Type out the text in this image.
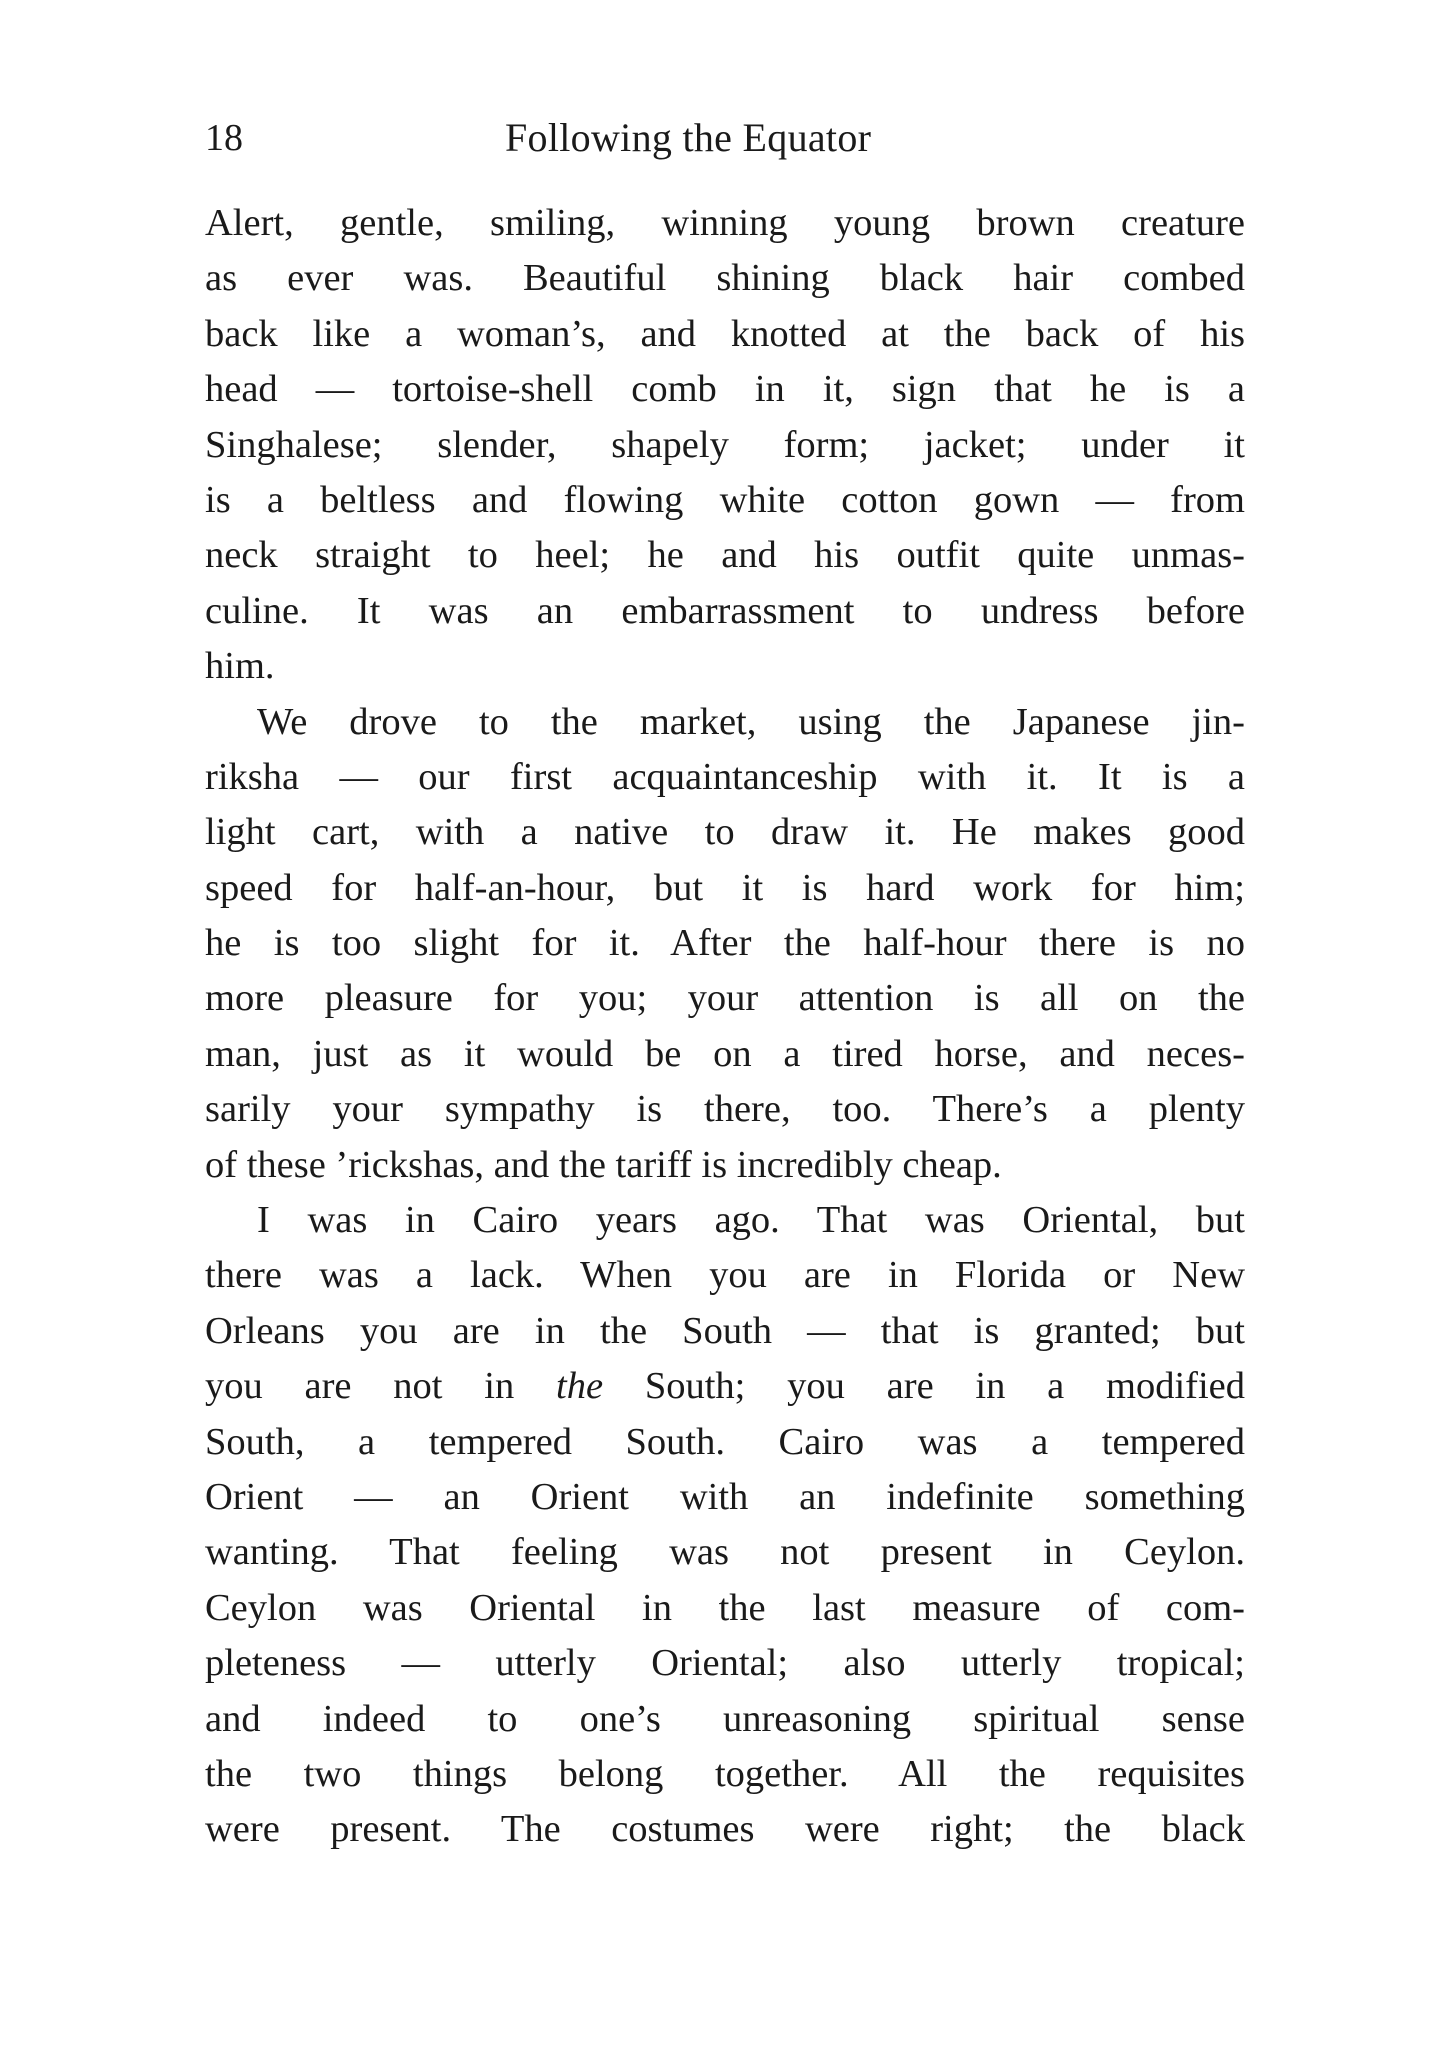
18	Following the Equator
Alert, gentle, smiling, winning young brown creature
as ever was. Beautiful shining black hair combed
back like a woman’s, and knotted at the back of his
head — tortoise-shell comb in it, sign that he is a
Singhalese; slender, shapely form; jacket; under it
is a beltless and flowing white cotton gown — from
neck straight to heel; he and his outfit quite unmas-
culine. It was an embarrassment to undress before
him.
We drove to the market, using the Japanese jin-
riksha — our first acquaintanceship with it. It is a
light cart, with a native to draw it. He makes good
speed for half-an-hour, but it is hard work for him;
he is too slight for it. After the half-hour there is no
more pleasure for you; your attention is all on the
man, just as it would be on a tired horse, and neces-
sarily your sympathy is there, too. There’s a plenty
of these ’rickshas, and the tariff is incredibly cheap.
I was in Cairo years ago. That was Oriental, but
there was a lack. When you are in Florida or New
Orleans you are in the South — that is granted; but
you are not in the South; you are in a modified
South, a tempered South. Cairo was a tempered
Orient — an Orient with an indefinite something
wanting. That feeling was not present in Ceylon.
Ceylon was Oriental in the last measure of com-
pleteness — utterly Oriental; also utterly tropical;
and indeed to one’s unreasoning spiritual sense
the two things belong together. All the requisites
were present. The costumes were right; the black
